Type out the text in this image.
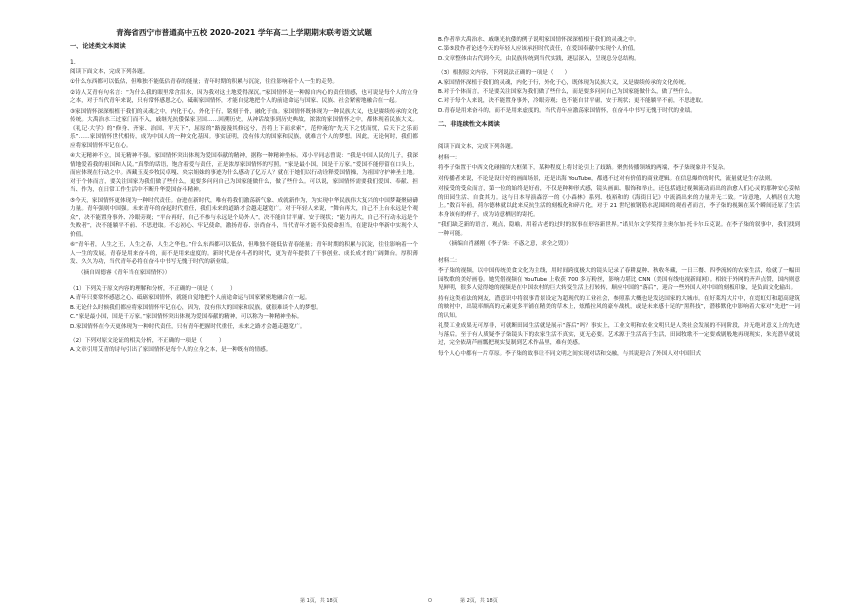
青海省西宁市普通高中五校 2020-2021 学年高二上学期期末联考语文试题
一、论述类文本阅读
1.

阅读下面文本，完成下列各题。

①什么东西都可以低估，但唯独不能低估青春的能量；青年时期的积累与沉淀，往往影响着个人一生的走势。

②诗人艾青有句名言：“为什么我的眼里常含泪水，因为我对这土地爱得深沉。”家国情怀是一种源自内心的责任情感，也可说是每个人的立身之本，对于当代青年来说，只有常怀感恩之心，砥砺家国情怀，才能自觉地把个人的前途命运与国家、民族、社会紧密地融合在一起。

③家国情怀深深根植于我们的灵魂之中，内化于心，外化于行，铭刻于骨，融化于血。家国情怀既体现为一种民族大义，也是赓续传承的文化传统。大禹治水三过家门而不入，戚继光抗倭保家卫国……回溯历史，从神话故事到历史典故，浓浓的家国情怀之中，都体现着民族大义。《礼记·大学》的“修身、齐家、治国、平天下”，屈原的“路漫漫其修远兮，吾将上下而求索”，范仲淹的“先天下之忧而忧，后天下之乐而乐”……家国情怀世代相传，成为中国人的一种文化基因。事实证明，没有伟大的国家和民族，就难言个人的梦想。因此，无论何时，我们都应将家国情怀牢记在心。

④大无精神不立，国无精神不强。家国情怀突出体现为爱国奉献的精神，据称一种精神坐标。邓小平同志曾说：“我是中国人民的儿子，我深情地爱着我的祖国和人民。”真挚的话语，饱含着爱与责任，正是浓厚家国情怀的写照。“家是最小国，国是千万家。”爱国不能停留在口头上，而应体现在行动之中。西藏玉麦乡牧民卓嘎、央宗姐妹的事迹为什么感动了亿万人？就在于她们以行动诠释爱国情操，为祖国守护神圣土地。对于个体而言，要关注国家为我们做了些什么，更要多问问自己为国家能做什么，做了些什么。可以说，家国情怀需要我们爱国、奉献、担当、作为，在日常工作生活中不断升华爱国奋斗精神。

⑤今天，家国情怀更体现为一种时代责任。奋进在新时代，唯有将我们激荡新气象、成就新作为，为实现中华民族伟大复兴的中国梦凝聚磅礴力量。青年强则中国强。未来青年的奋起时代重任，我们未来的道路才会越走越宽广。对于年轻人来说，“舞台再大，自己不上台永远是个观众”，决不能置身事外、冷眼旁观；“平台再好，自己不参与永远是个局外人”，决不能自甘平庸、安于现状；“能力再大，自己不行动永远是个失败者”，决不能躺平不前、不思进取。不忘初心、牢记使命，激扬青春、崇尚奋斗，当代青年才能不负使命担当，在建设中华新中实现个人价值。

⑥“青年者，人生之王，人生之春，人生之华也。”什么东西都可以低估，但唯独不能低估青春能量；青年时期的积累与沉淀，往往影响着一个人一生的发展。青春是用来奋斗的，而不是用来虚度的。新时代是奋斗者的时代，更为青年提供了干事创业、成长成才的广阔舞台。厚积薄发、久久为功，当代青年必将在奋斗中书写无愧于时代的新业绩。

（摘自周德睿《青年当在家国情怀》）
（1）下列关于原文内容的理解和分析，不正确的一项是（　　　）
A.青年只要常怀感恩之心、砥砺家国情怀，就能自觉地把个人前途命运与国家紧密地融合在一起。
B.无论什么时候我们都应将家国情怀牢记在心，因为，没有伟大的国家和民族，就很难谈个人的梦想。
C.“家是最小国，国是千万家。”家国情怀突出体现为爱国奉献的精神，可以称为一种精神坐标。
D.家国情怀在今天更体现为一种时代责任，只有青年把握时代重任，未来之路才会越走越宽广。
（2）下列对原文论证的相关分析，不正确的一项是（　　　）
A.文章引用艾青的诗句引出了家国情怀是每个人的立身之本，是一种既有的情感。
B.作者举大禹治水、戚继光抗倭的例子说明家国情怀深深植根于我们的灵魂之中。
C.第⑤段作者论述今天的年轻人应该承担时代责任，在爱国奉献中实现个人价值。
D.文章整体由古代到今天，由民族传统到当代实践，逐层深入，呈现总分总结构。
（3）根据原文内容，下列说法正确的一项是（　　）
A.家国情怀深植于我们的灵魂，内化于行，外化于心，既体现为民族大义，又是赓续传承的文化传统。
B.对于个体而言，不是要关注国家为我们做了些什么，而是要多问问自己为国家能做什么，做了些什么。
C.对于每个人来说，决不能置身事外，冷眼旁观；也不能自甘平庸，安于现状；更不能躺平不前，不思进取。
D.青春是用来奋斗的，而不是用来虚度的。当代青年应激荡家国情怀，在奋斗中书写无愧于时代的业绩。
二、非连续性文本阅读

阅读下面文本，完成下列各题。

材料一：

将李子柒置于中西文化碰撞的大框架下，某种程度上将讨论引上了歧路。聚焦传播领域的两端，李子柒现象并不复杂。

对传播者来说，不论是设计好的画面场景，还是出海 YouTube，都逃不过对有价值的商业逻辑。在信息爆炸的时代，流量就是生存法则。

对接受的受众而言，第一位的始终是好看，不仅是种种形式感，镜头画面、服饰和举止，还包括通过视频流动而出的治愈人们心灵的那种安心妥帖的田园生活、自食其力。这与日本导演森淳一的《小森林》系列、枝裕和的《海街日记》中流淌出来的力量并无二致。“诗意地，人栖居在大地上。”数百年前，荷尔德林就以此来反抗生活的刻板化和碎片化，对于 21 世纪被钢筋水泥围困的观看者而言，李子柒的视频在某个瞬间还原了生活本身该有的样子，成为诗意栖居的寄托。

“我们缺乏新的语言，观点，隐喻，用着古老的过时的叙事在形容新世界。”诺贝尔文学奖得主奥尔加·托卡尔丘克说。在李子柒的叙事中，我们找到一种可能。

（摘编自肖涵刚《李子柒：不惑之意，求全之毁》）

材料二：

李子柒的视频，以中国传统美食文化为主线，用时间跨度极大的镜头记录了春耕夏种、秋收冬藏，一日三餐、四季流转的农家生活，绘就了一幅田园牧歌的美好画卷。她凭借视频在 YouTube 上收获 700 多万粉丝，影响力堪比 CNN（美国有线电视新闻网）。相较于外网的齐声点赞，国内则意见鲜明，很多人觉得她的视频是在中国农村的巨大转变生活上打转转，顺应中国的“落后”，迎合一些外国人对中国的刻板印象，是负面文化输出。

持有这类看法的网友，潜意识中将叙事背景设定为超现代的工业社会，参照系大概也是发达国家的大城市。在好莱坞大片中，在霓虹灯和超高建筑的映衬中，出镜率颇高的元素更多平铺在精美的草木上，炫酷拉风的豪车战机，或是未来感十足的“黑科技”，潜移默化中影响着大家对“先进”一词的认知。

礼赞工业成果无可厚非，可就断田园生活就是展示“落后”吗？事实上，工业文明和农业文明只是人类社会发展的不同阶段，并无绝对意义上的先进与落后。至于有人质疑李子柒镜头下的农家生活不真实，更无必要。艺术源于生活高于生活，田园牧歌不一定要戏剧般地再现现实，朱光潜早就说过，完全依葫芦画瓢把现实复制到艺术作品里，难有美感。

每个人心中都有一片草原。李子柒的故事让不同文明之间实现对话和交融，与其说迎合了外国人对中国旧式

第 1页，共 18页	O	第 2页，共 18页
